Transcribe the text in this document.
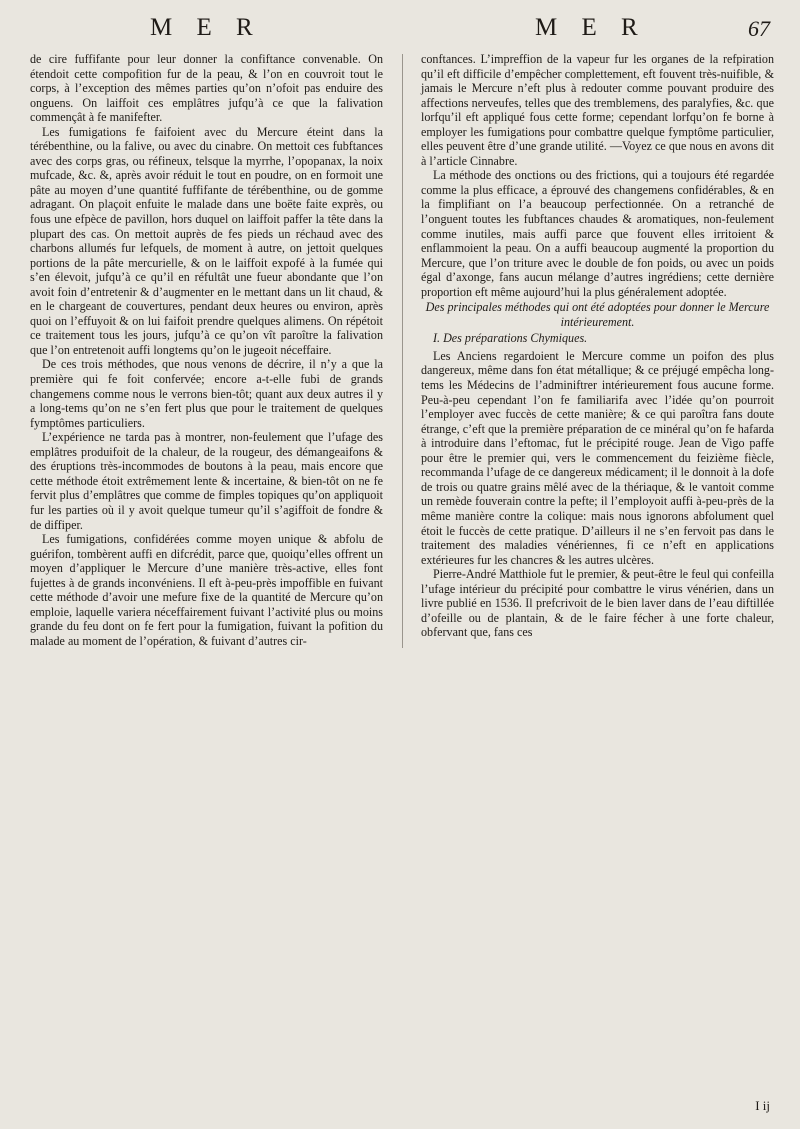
M E R	M E R	67

de cire fuffifante pour leur donner la confiftance convenable. On étendoit cette compofition fur de la peau, & l’on en couvroit tout le corps, à l’exception des mêmes parties qu’on n’ofoit pas enduire des onguens. On laiffoit ces emplâtres jufqu’à ce que la falivation commençât à fe manifefter.

Les fumigations fe faifoient avec du Mercure éteint dans la térébenthine, ou la falive, ou avec du cinabre. On mettoit ces fubftances avec des corps gras, ou réfineux, telsque la myrrhe, l’opopanax, la noix mufcade, &c. &, après avoir réduit le tout en poudre, on en formoit une pâte au moyen d’une quantité fuffifante de térébenthine, ou de gomme adragant. On plaçoit enfuite le malade dans une boëte faite exprès, ou fous une efpèce de pavillon, hors duquel on laiffoit paffer la tête dans la plupart des cas. On mettoit auprès de fes pieds un réchaud avec des charbons allumés fur lefquels, de moment à autre, on jettoit quelques portions de la pâte mercurielle, & on le laiffoit expofé à la fumée qui s’en élevoit, jufqu’à ce qu’il en réfultât une fueur abondante que l’on avoit foin d’entretenir & d’augmenter en le mettant dans un lit chaud, & en le chargeant de couvertures, pendant deux heures ou environ, après quoi on l’effuyoit & on lui faifoit prendre quelques alimens. On répétoit ce traitement tous les jours, jufqu’à ce qu’on vît paroître la falivation que l’on entretenoit auffi longtems qu’on le jugeoit néceffaire.

De ces trois méthodes, que nous venons de décrire, il n’y a que la première qui fe foit confervée; encore a-t-elle fubi de grands changemens comme nous le verrons bien-tôt; quant aux deux autres il y a long-tems qu’on ne s’en fert plus que pour le traitement de quelques fymptômes particuliers.

L’expérience ne tarda pas à montrer, non-feulement que l’ufage des emplâtres produifoit de la chaleur, de la rougeur, des démangeaifons & des éruptions très-incommodes de boutons à la peau, mais encore que cette méthode étoit extrêmement lente & incertaine, & bien-tôt on ne fe fervit plus d’emplâtres que comme de fimples topiques qu’on appliquoit fur les parties où il y avoit quelque tumeur qu’il s’agiffoit de fondre & de diffiper.

Les fumigations, confidérées comme moyen unique & abfolu de guérifon, tombèrent auffi en difcrédit, parce que, quoiqu’elles offrent un moyen d’appliquer le Mercure d’une manière très-active, elles font fujettes à de grands inconvéniens. Il eft à-peu-près impoffible en fuivant cette méthode d’avoir une mefure fixe de la quantité de Mercure qu’on emploie, laquelle variera néceffairement fuivant l’activité plus ou moins grande du feu dont on fe fert pour la fumigation, fuivant la pofition du malade au moment de l’opération, & fuivant d’autres cir-

conftances. L’impreffion de la vapeur fur les organes de la refpiration qu’il eft difficile d’empêcher complettement, eft fouvent très-nuifible, & jamais le Mercure n’eft plus à redouter comme pouvant produire des affections nerveufes, telles que des tremblemens, des paralyfies, &c. que lorfqu’il eft appliqué fous cette forme; cependant lorfqu’on fe borne à employer les fumigations pour combattre quelque fymptôme particulier, elles peuvent être d’une grande utilité. —Voyez ce que nous en avons dit à l’article Cinnabre.

La méthode des onctions ou des frictions, qui a toujours été regardée comme la plus efficace, a éprouvé des changemens confidérables, & en la fimplifiant on l’a beaucoup perfectionnée. On a retranché de l’onguent toutes les fubftances chaudes & aromatiques, non-feulement comme inutiles, mais auffi parce que fouvent elles irritoient & enflammoient la peau. On a auffi beaucoup augmenté la proportion du Mercure, que l’on triture avec le double de fon poids, ou avec un poids égal d’axonge, fans aucun mélange d’autres ingrédiens; cette dernière proportion eft même aujourd’hui la plus généralement adoptée.

Des principales méthodes qui ont été adoptées pour donner le Mercure intérieurement.

I. Des préparations Chymiques.

Les Anciens regardoient le Mercure comme un poifon des plus dangereux, même dans fon état métallique; & ce préjugé empêcha long-tems les Médecins de l’adminiftrer intérieurement fous aucune forme. Peu-à-peu cependant l’on fe familiarifa avec l’idée qu’on pourroit l’employer avec fuccès de cette manière; & ce qui paroîtra fans doute étrange, c’eft que la première préparation de ce minéral qu’on fe hafarda à introduire dans l’eftomac, fut le précipité rouge. Jean de Vigo paffe pour être le premier qui, vers le commencement du feizième fiècle, recommanda l’ufage de ce dangereux médicament; il le donnoit à la dofe de trois ou quatre grains mêlé avec de la thériaque, & le vantoit comme un remède fouverain contre la pefte; il l’employoit auffi à-peu-près de la même manière contre la colique: mais nous ignorons abfolument quel étoit le fuccès de cette pratique. D’ailleurs il ne s’en fervoit pas dans le traitement des maladies vénériennes, fi ce n’eft en applications extérieures fur les chancres & les autres ulcères.

Pierre-André Matthiole fut le premier, & peut-être le feul qui confeilla l’ufage intérieur du précipité pour combattre le virus vénérien, dans un livre publié en 1536. Il prefcrivoit de le bien laver dans de l’eau diftillée d’ofeille ou de plantain, & de le faire fécher à une forte chaleur, obfervant que, fans ces

I ij
